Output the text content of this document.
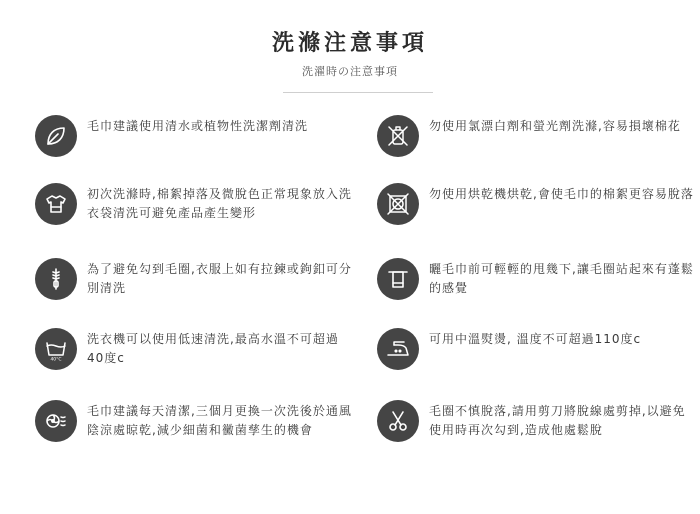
洗滌注意事項
洗濯時の注意事項
毛巾建議使用清水或植物性洗潔劑清洗
初次洗滌時,棉絮掉落及微脫色正常現象放入洗衣袋清洗可避免產品產生變形
為了避免勾到毛圈,衣服上如有拉鍊或鉤釦可分別清洗
40°C
洗衣機可以使用低速清洗,最高水溫不可超過40度c
毛巾建議每天清潔,三個月更換一次洗後於通風陰涼處晾乾,減少細菌和黴菌孳生的機會
勿使用氯漂白劑和螢光劑洗滌,容易損壞棉花
勿使用烘乾機烘乾,會使毛巾的棉絮更容易脫落
曬毛巾前可輕輕的甩幾下,讓毛圈站起來有蓬鬆的感覺
可用中溫熨燙, 溫度不可超過110度c
毛圈不慎脫落,請用剪刀將脫線處剪掉,以避免使用時再次勾到,造成他處鬆脫
